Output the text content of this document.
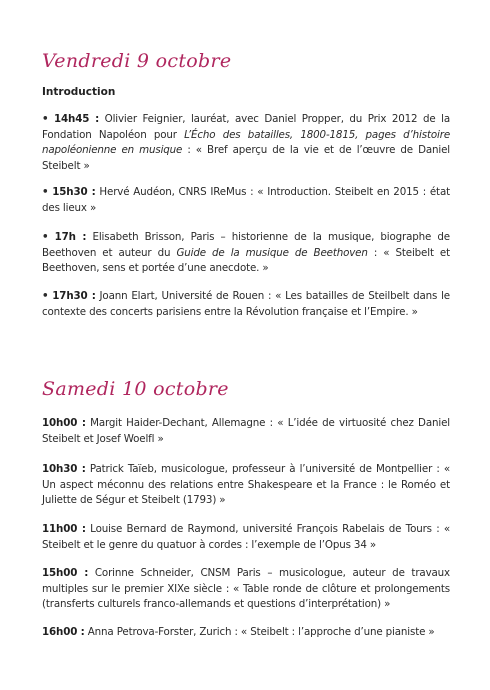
Vendredi 9 octobre

Introduction

• 14h45 : Olivier Feignier, lauréat, avec Daniel Propper, du Prix 2012 de la Fondation Napoléon pour L’Écho des batailles, 1800-1815, pages d’histoire napoléonienne en musique : « Bref aperçu de la vie et de l’œuvre de Daniel Steibelt »

• 15h30 : Hervé Audéon, CNRS IReMus : « Introduction. Steibelt en 2015 : état des lieux »

• 17h : Elisabeth Brisson, Paris – historienne de la musique, biographe de Beethoven et auteur du Guide de la musique de Beethoven : « Steibelt et Beethoven, sens et portée d’une anecdote. »

• 17h30 : Joann Elart, Université de Rouen : « Les batailles de Steilbelt dans le contexte des concerts parisiens entre la Révolution française et l’Empire. »

Samedi 10 octobre

10h00 : Margit Haider-Dechant, Allemagne : « L’idée de virtuosité chez Daniel Steibelt et Josef Woelfl »

10h30 : Patrick Taïeb, musicologue, professeur à l’université de Montpellier : « Un aspect méconnu des relations entre Shakespeare et la France : le Roméo et Juliette de Ségur et Steibelt (1793) »

11h00 : Louise Bernard de Raymond, université François Rabelais de Tours : « Steibelt et le genre du quatuor à cordes : l’exemple de l’Opus 34 »

15h00 : Corinne Schneider, CNSM Paris – musicologue, auteur de travaux multiples sur le premier XIXe siècle : « Table ronde de clôture et prolongements (transferts culturels franco-allemands et questions d’interprétation) »

16h00 : Anna Petrova-Forster, Zurich : « Steibelt : l’approche d’une pianiste »
